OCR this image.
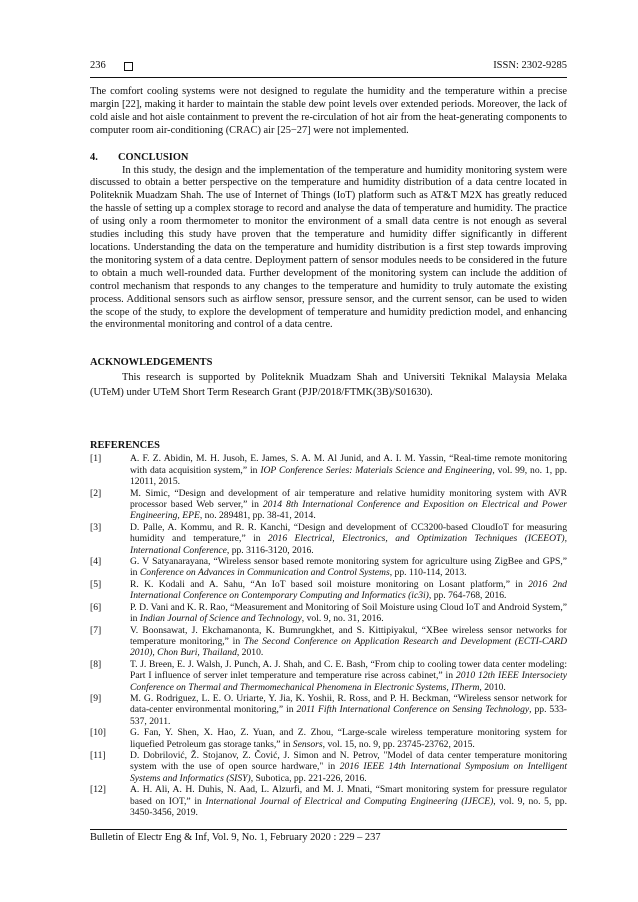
236	ISSN: 2302-9285

The comfort cooling systems were not designed to regulate the humidity and the temperature within a precise margin [22], making it harder to maintain the stable dew point levels over extended periods. Moreover, the lack of cold aisle and hot aisle containment to prevent the re-circulation of hot air from the heat-generating components to computer room air-conditioning (CRAC) air [25−27] were not implemented.

4. CONCLUSION

In this study, the design and the implementation of the temperature and humidity monitoring system were discussed to obtain a better perspective on the temperature and humidity distribution of a data centre located in Politeknik Muadzam Shah. The use of Internet of Things (IoT) platform such as AT&T M2X has greatly reduced the hassle of setting up a complex storage to record and analyse the data of temperature and humidity. The practice of using only a room thermometer to monitor the environment of a small data centre is not enough as several studies including this study have proven that the temperature and humidity differ significantly in different locations. Understanding the data on the temperature and humidity distribution is a first step towards improving the monitoring system of a data centre. Deployment pattern of sensor modules needs to be considered in the future to obtain a much well-rounded data. Further development of the monitoring system can include the addition of control mechanism that responds to any changes to the temperature and humidity to truly automate the existing process. Additional sensors such as airflow sensor, pressure sensor, and the current sensor, can be used to widen the scope of the study, to explore the development of temperature and humidity prediction model, and enhancing the environmental monitoring and control of a data centre.

ACKNOWLEDGEMENTS

This research is supported by Politeknik Muadzam Shah and Universiti Teknikal Malaysia Melaka (UTeM) under UTeM Short Term Research Grant (PJP/2018/FTMK(3B)/S01630).

REFERENCES

[1]	A. F. Z. Abidin, M. H. Jusoh, E. James, S. A. M. Al Junid, and A. I. M. Yassin, “Real-time remote monitoring with data acquisition system,” in IOP Conference Series: Materials Science and Engineering, vol. 99, no. 1, pp. 12011, 2015.

[2]	M. Simic, “Design and development of air temperature and relative humidity monitoring system with AVR processor based Web server,” in 2014 8th International Conference and Exposition on Electrical and Power Engineering, EPE, no. 289481, pp. 38-41, 2014.

[3]	D. Palle, A. Kommu, and R. R. Kanchi, “Design and development of CC3200-based CloudIoT for measuring humidity and temperature,” in 2016 Electrical, Electronics, and Optimization Techniques (ICEEOT), International Conference, pp. 3116-3120, 2016.

[4]	G. V Satyanarayana, “Wireless sensor based remote monitoring system for agriculture using ZigBee and GPS,” in Conference on Advances in Communication and Control Systems, pp. 110-114, 2013.

[5]	R. K. Kodali and A. Sahu, “An IoT based soil moisture monitoring on Losant platform,” in 2016 2nd International Conference on Contemporary Computing and Informatics (ic3i), pp. 764-768, 2016.

[6]	P. D. Vani and K. R. Rao, “Measurement and Monitoring of Soil Moisture using Cloud IoT and Android System,” in Indian Journal of Science and Technology, vol. 9, no. 31, 2016.

[7]	V. Boonsawat, J. Ekchamanonta, K. Bumrungkhet, and S. Kittipiyakul, “XBee wireless sensor networks for temperature monitoring,” in The Second Conference on Application Research and Development (ECTI-CARD 2010), Chon Buri, Thailand, 2010.

[8]	T. J. Breen, E. J. Walsh, J. Punch, A. J. Shah, and C. E. Bash, “From chip to cooling tower data center modeling: Part I influence of server inlet temperature and temperature rise across cabinet,” in 2010 12th IEEE Intersociety Conference on Thermal and Thermomechanical Phenomena in Electronic Systems, ITherm, 2010.

[9]	M. G. Rodriguez, L. E. O. Uriarte, Y. Jia, K. Yoshii, R. Ross, and P. H. Beckman, “Wireless sensor network for data-center environmental monitoring,” in 2011 Fifth International Conference on Sensing Technology, pp. 533-537, 2011.

[10]	G. Fan, Y. Shen, X. Hao, Z. Yuan, and Z. Zhou, “Large-scale wireless temperature monitoring system for liquefied Petroleum gas storage tanks,” in Sensors, vol. 15, no. 9, pp. 23745-23762, 2015.

[11]	D. Dobrilović, Ž. Stojanov, Z. Čović, J. Simon and N. Petrov, "Model of data center temperature monitoring system with the use of open source hardware," in 2016 IEEE 14th International Symposium on Intelligent Systems and Informatics (SISY), Subotica, pp. 221-226, 2016.

[12]	A. H. Ali, A. H. Duhis, N. Aad, L. Alzurfi, and M. J. Mnati, “Smart monitoring system for pressure regulator based on IOT,” in International Journal of Electrical and Computing Engineering (IJECE), vol. 9, no. 5, pp. 3450-3456, 2019.

Bulletin of Electr Eng & Inf, Vol. 9, No. 1, February 2020 : 229 – 237
